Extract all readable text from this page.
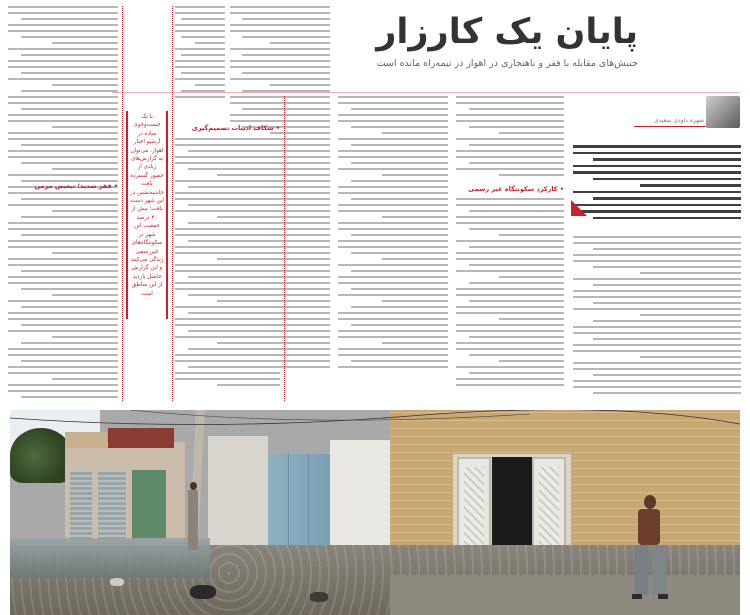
پایان یک کارزار
جنبش‌های مقابله با فقر و ناهنجاری در اهواز در نیمه‌راه مانده است
شهره داودی‌ سعیدی
• کارکرد سکونتگاه غیر رسمی
• شکاف ادبیات تصمیم‌گیری
با یک جست‌وجوی ساده در آرشیو اخبار اهواز، می‌توان به گزارش‌های زیادی از حضور گسترده بافت حاشیه‌نشین در این شهر دست یافت؛ بیش از ۴۰ درصد جمعیت این شهر در سکونتگاه‌های غیررسمی زندگی می‌کنند و این گزارش حاصل بازدید از این مناطق است
• فقر شدید؛ تبعیض مزمن
